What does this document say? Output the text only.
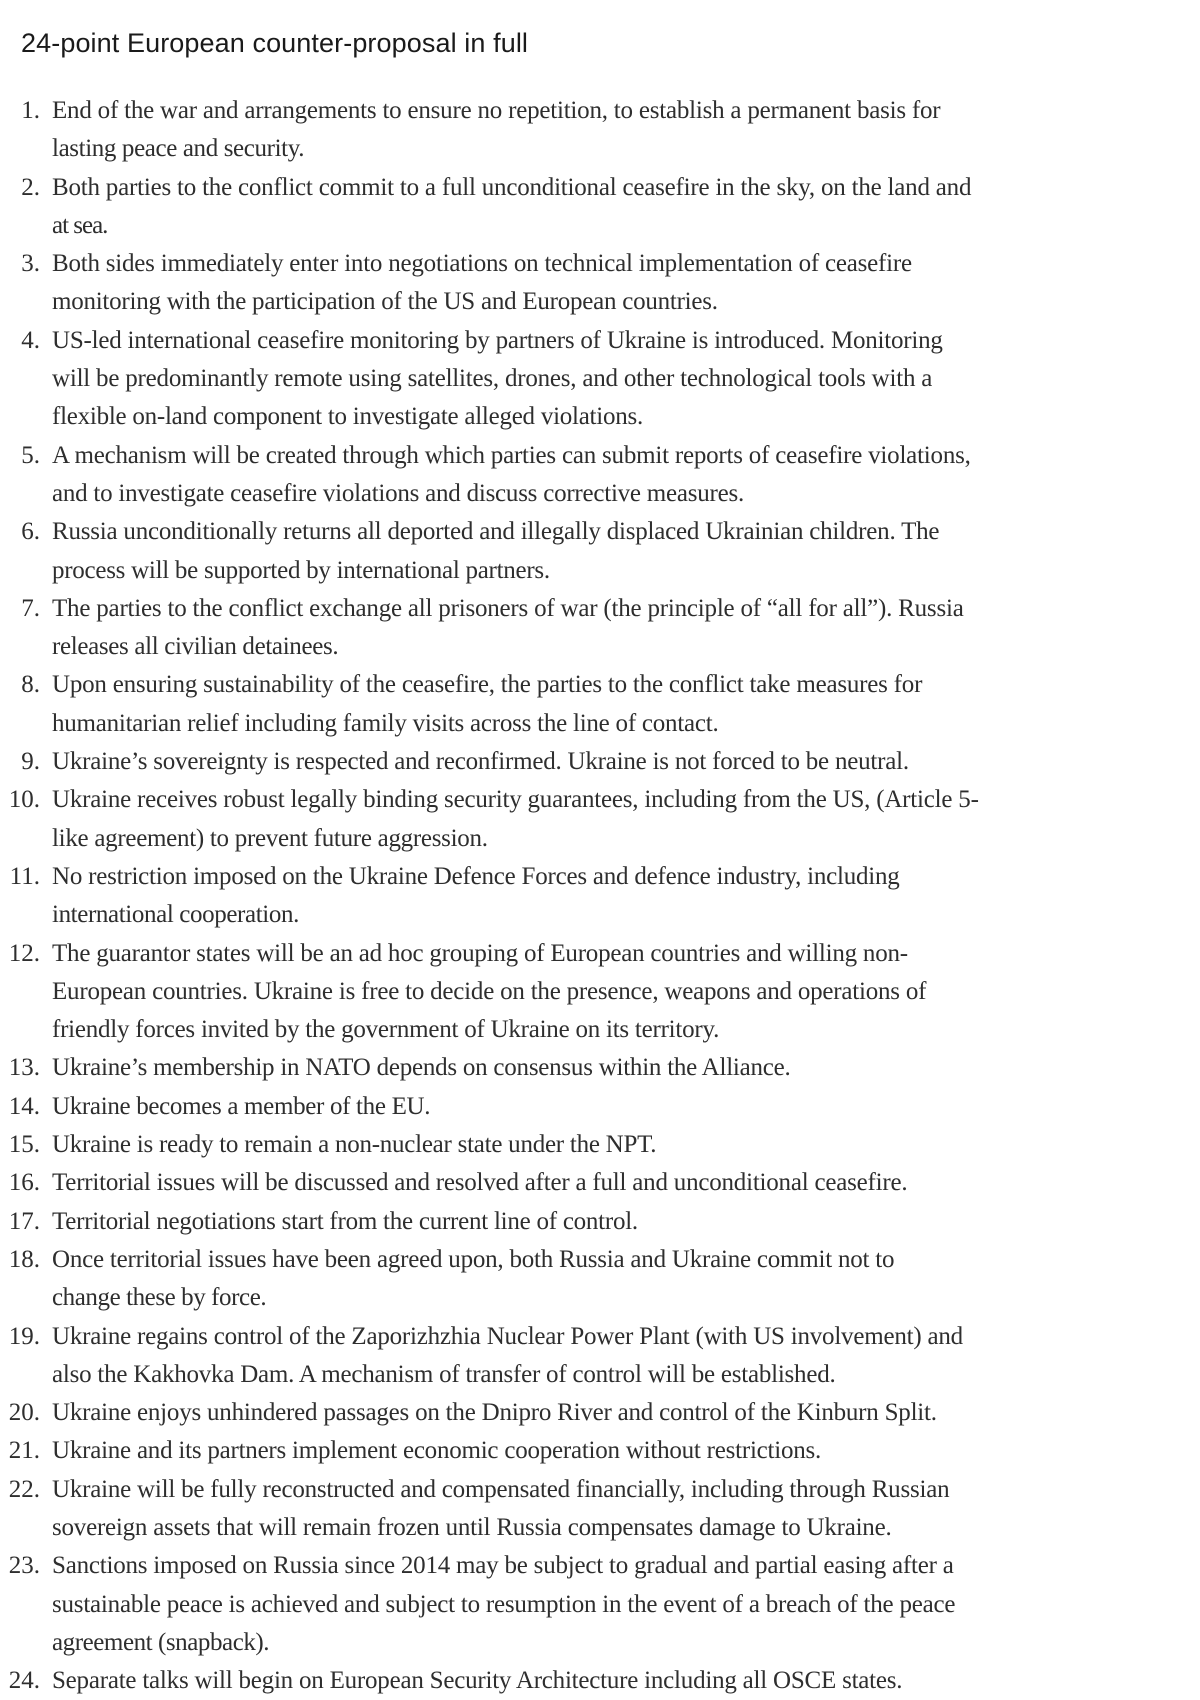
24-point European counter-proposal in full
1. End of the war and arrangements to ensure no repetition, to establish a permanent basis for
lasting peace and security.
2. Both parties to the conflict commit to a full unconditional ceasefire in the sky, on the land and
at sea.
3. Both sides immediately enter into negotiations on technical implementation of ceasefire
monitoring with the participation of the US and European countries.
4. US-led international ceasefire monitoring by partners of Ukraine is introduced. Monitoring
will be predominantly remote using satellites, drones, and other technological tools with a
flexible on-land component to investigate alleged violations.
5. A mechanism will be created through which parties can submit reports of ceasefire violations,
and to investigate ceasefire violations and discuss corrective measures.
6. Russia unconditionally returns all deported and illegally displaced Ukrainian children. The
process will be supported by international partners.
7. The parties to the conflict exchange all prisoners of war (the principle of “all for all”). Russia
releases all civilian detainees.
8. Upon ensuring sustainability of the ceasefire, the parties to the conflict take measures for
humanitarian relief including family visits across the line of contact.
9. Ukraine’s sovereignty is respected and reconfirmed. Ukraine is not forced to be neutral.
10. Ukraine receives robust legally binding security guarantees, including from the US, (Article 5-
like agreement) to prevent future aggression.
11. No restriction imposed on the Ukraine Defence Forces and defence industry, including
international cooperation.
12. The guarantor states will be an ad hoc grouping of European countries and willing non-
European countries. Ukraine is free to decide on the presence, weapons and operations of
friendly forces invited by the government of Ukraine on its territory.
13. Ukraine’s membership in NATO depends on consensus within the Alliance.
14. Ukraine becomes a member of the EU.
15. Ukraine is ready to remain a non-nuclear state under the NPT.
16. Territorial issues will be discussed and resolved after a full and unconditional ceasefire.
17. Territorial negotiations start from the current line of control.
18. Once territorial issues have been agreed upon, both Russia and Ukraine commit not to
change these by force.
19. Ukraine regains control of the Zaporizhzhia Nuclear Power Plant (with US involvement) and
also the Kakhovka Dam. A mechanism of transfer of control will be established.
20. Ukraine enjoys unhindered passages on the Dnipro River and control of the Kinburn Split.
21. Ukraine and its partners implement economic cooperation without restrictions.
22. Ukraine will be fully reconstructed and compensated financially, including through Russian
sovereign assets that will remain frozen until Russia compensates damage to Ukraine.
23. Sanctions imposed on Russia since 2014 may be subject to gradual and partial easing after a
sustainable peace is achieved and subject to resumption in the event of a breach of the peace
agreement (snapback).
24. Separate talks will begin on European Security Architecture including all OSCE states.
